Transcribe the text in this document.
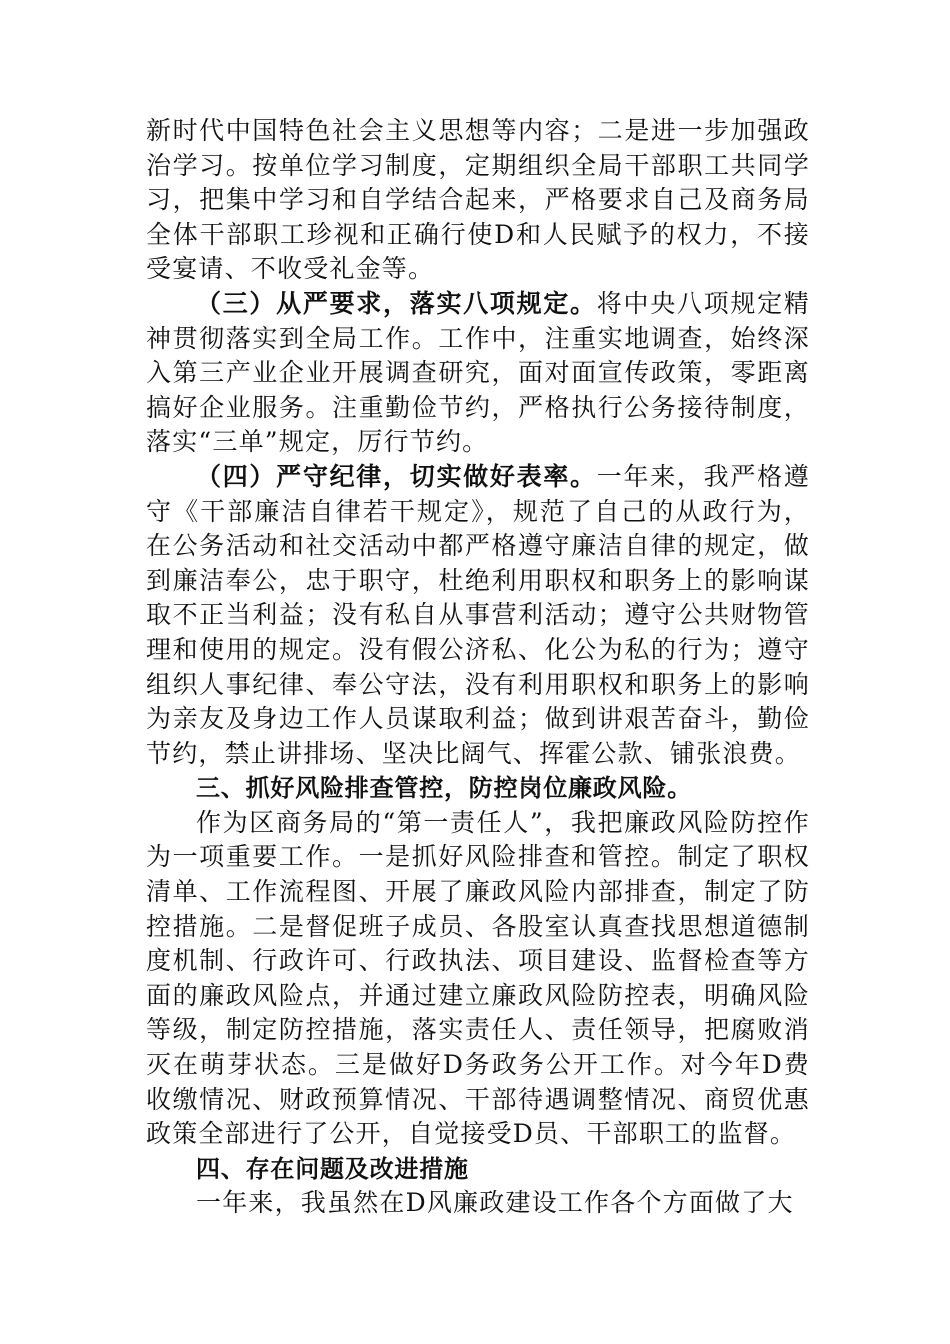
新时代中国特色社会主义思想等内容；二是进一步加强政治学习。按单位学习制度，定期组织全局干部职工共同学习，把集中学习和自学结合起来，严格要求自己及商务局全体干部职工珍视和正确行使D和人民赋予的权力，不接受宴请、不收受礼金等。

（三）从严要求，落实八项规定。将中央八项规定精神贯彻落实到全局工作。工作中，注重实地调查，始终深入第三产业企业开展调查研究，面对面宣传政策，零距离搞好企业服务。注重勤俭节约，严格执行公务接待制度，落实“三单”规定，厉行节约。

（四）严守纪律，切实做好表率。一年来，我严格遵守《干部廉洁自律若干规定》，规范了自己的从政行为，在公务活动和社交活动中都严格遵守廉洁自律的规定，做到廉洁奉公，忠于职守，杜绝利用职权和职务上的影响谋取不正当利益；没有私自从事营利活动；遵守公共财物管理和使用的规定。没有假公济私、化公为私的行为；遵守组织人事纪律、奉公守法，没有利用职权和职务上的影响为亲友及身边工作人员谋取利益；做到讲艰苦奋斗，勤俭节约，禁止讲排场、坚决比阔气、挥霍公款、铺张浪费。

三、抓好风险排查管控，防控岗位廉政风险。

作为区商务局的“第一责任人”，我把廉政风险防控作为一项重要工作。一是抓好风险排查和管控。制定了职权清单、工作流程图、开展了廉政风险内部排查，制定了防控措施。二是督促班子成员、各股室认真查找思想道德制度机制、行政许可、行政执法、项目建设、监督检查等方面的廉政风险点，并通过建立廉政风险防控表，明确风险等级，制定防控措施，落实责任人、责任领导，把腐败消灭在萌芽状态。三是做好D务政务公开工作。对今年D费收缴情况、财政预算情况、干部待遇调整情况、商贸优惠政策全部进行了公开，自觉接受D员、干部职工的监督。

四、存在问题及改进措施

一年来，我虽然在D风廉政建设工作各个方面做了大
